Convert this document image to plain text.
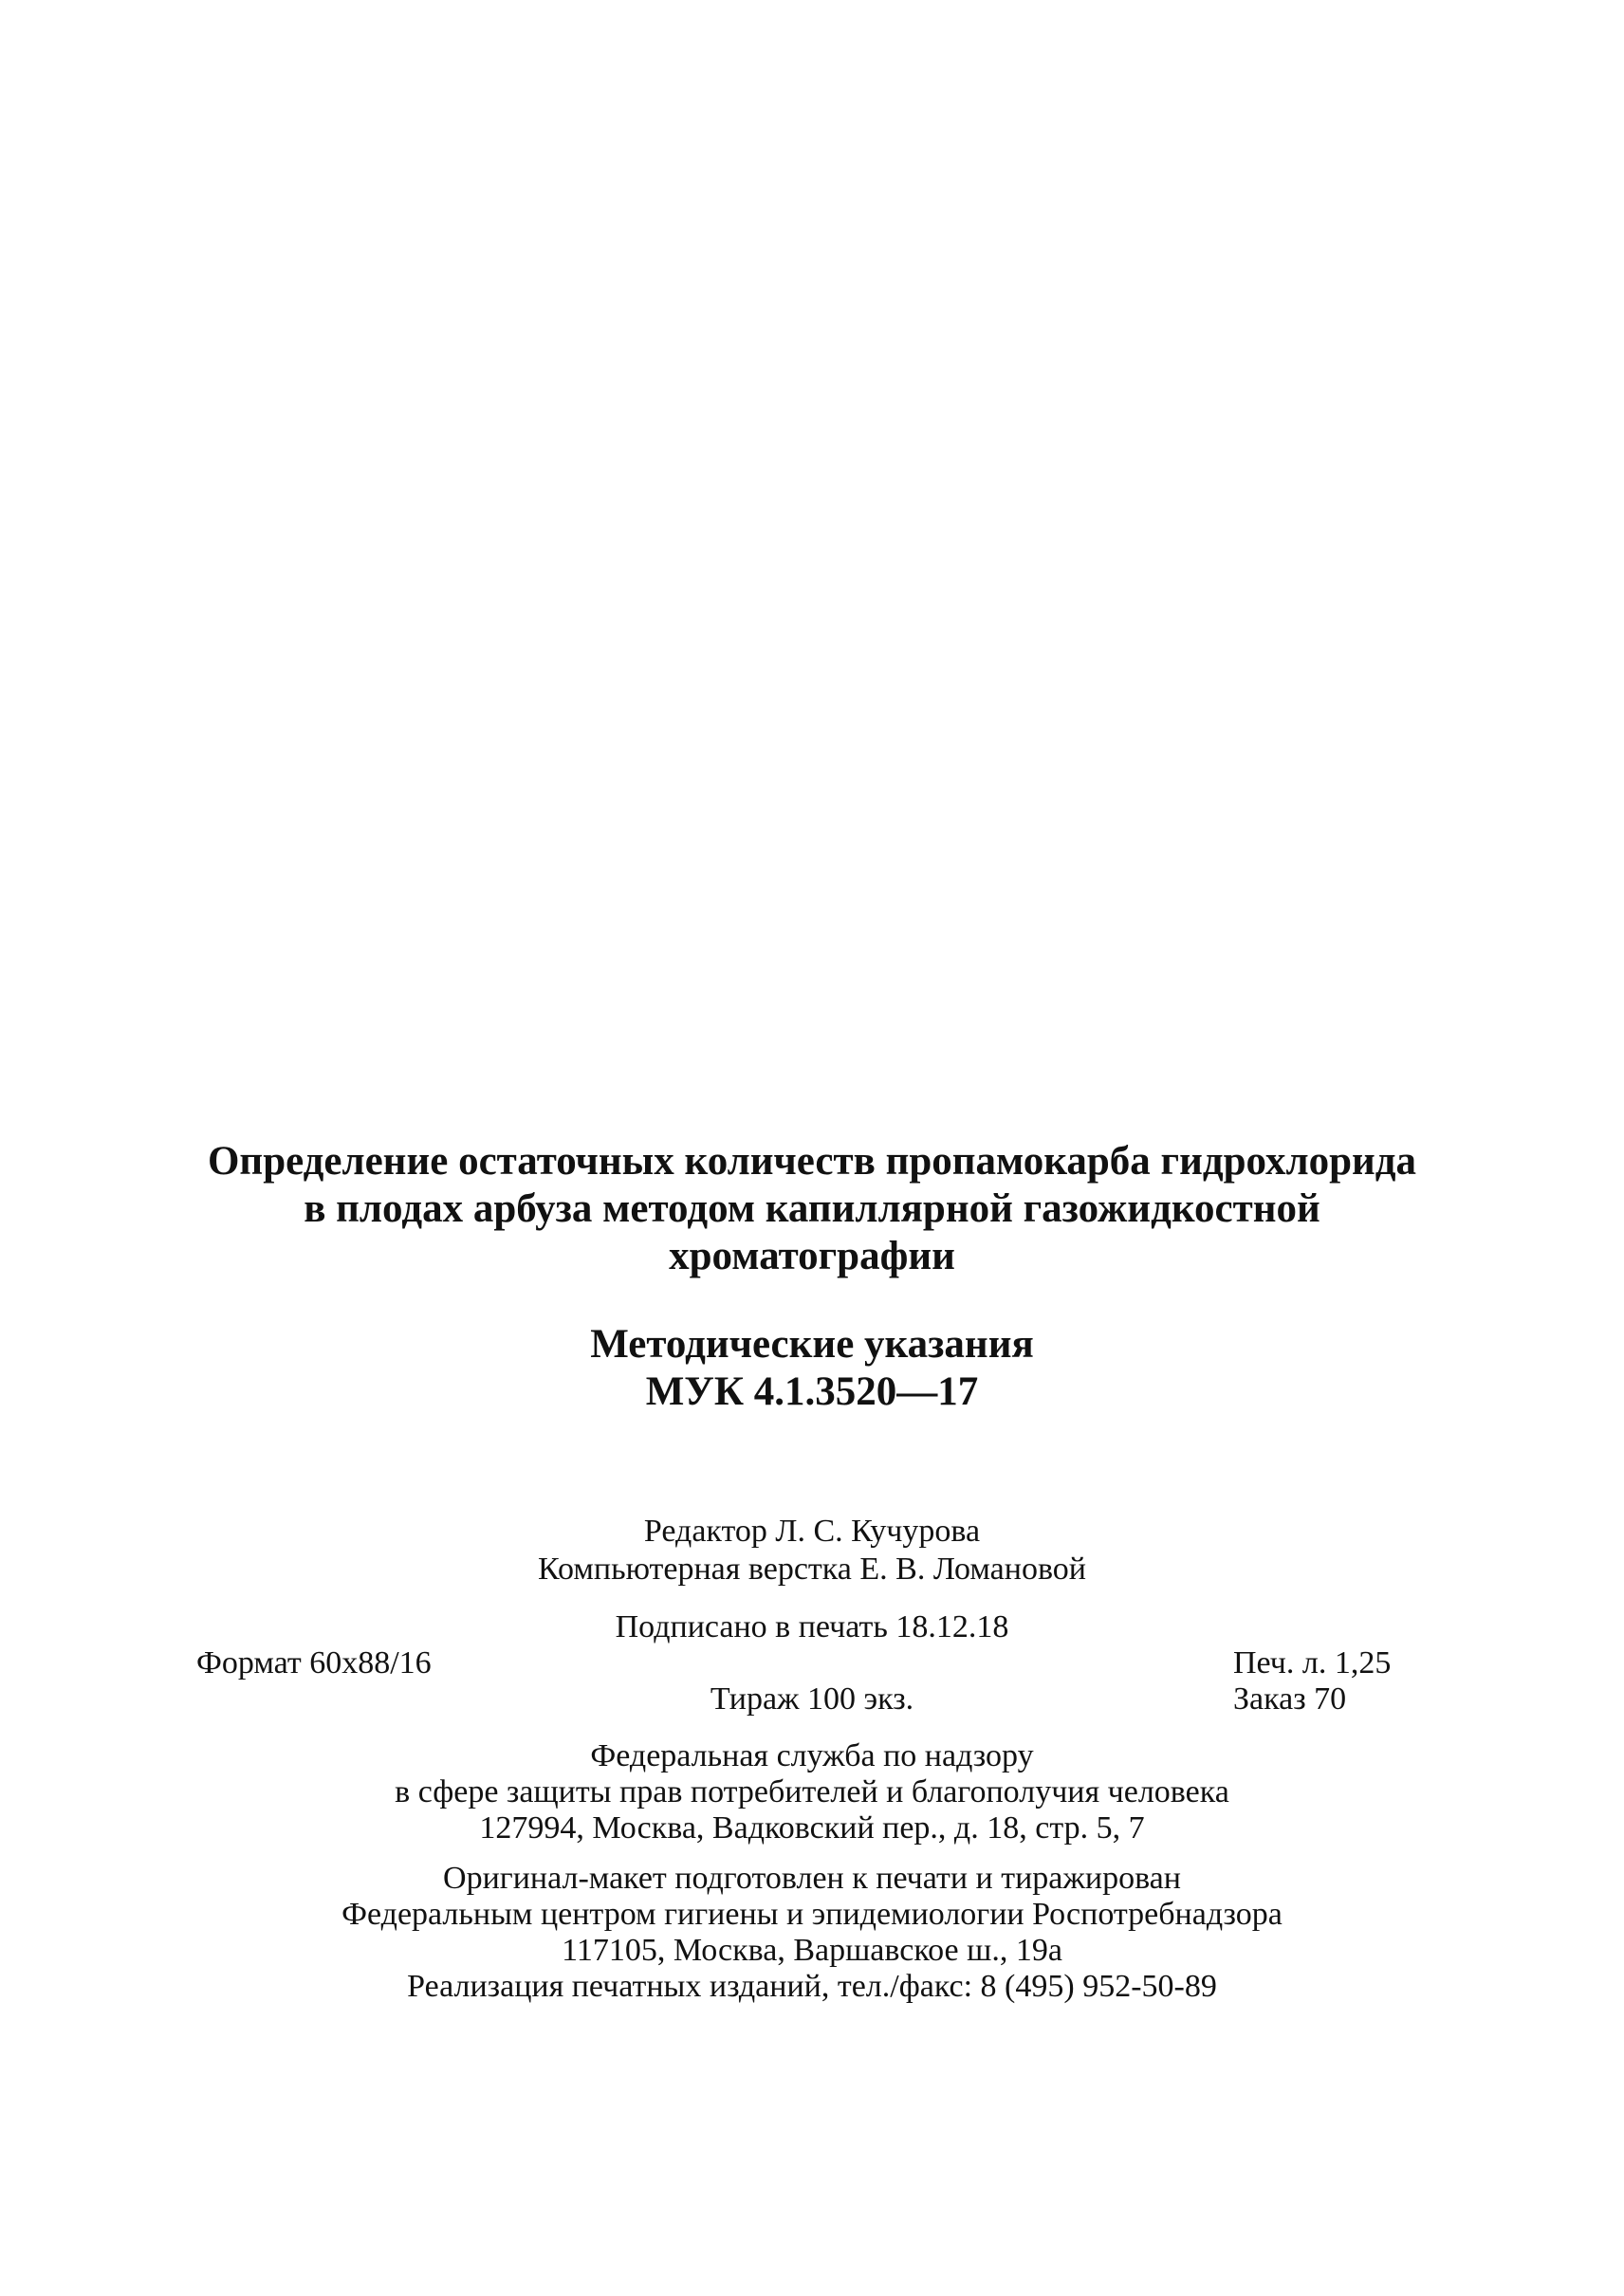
Определение остаточных количеств пропамокарба гидрохлорида
в плодах арбуза методом капиллярной газожидкостной
хроматографии
Методические указания
МУК 4.1.3520—17
Редактор Л. С. Кучурова
Компьютерная верстка Е. В. Ломановой
Подписано в печать 18.12.18
Формат 60х88/16	Печ. л. 1,25
Тираж 100 экз.	Заказ 70
Федеральная служба по надзору
в сфере защиты прав потребителей и благополучия человека
127994, Москва, Вадковский пер., д. 18, стр. 5, 7
Оригинал-макет подготовлен к печати и тиражирован
Федеральным центром гигиены и эпидемиологии Роспотребнадзора
117105, Москва, Варшавское ш., 19а
Реализация печатных изданий, тел./факс: 8 (495) 952-50-89
